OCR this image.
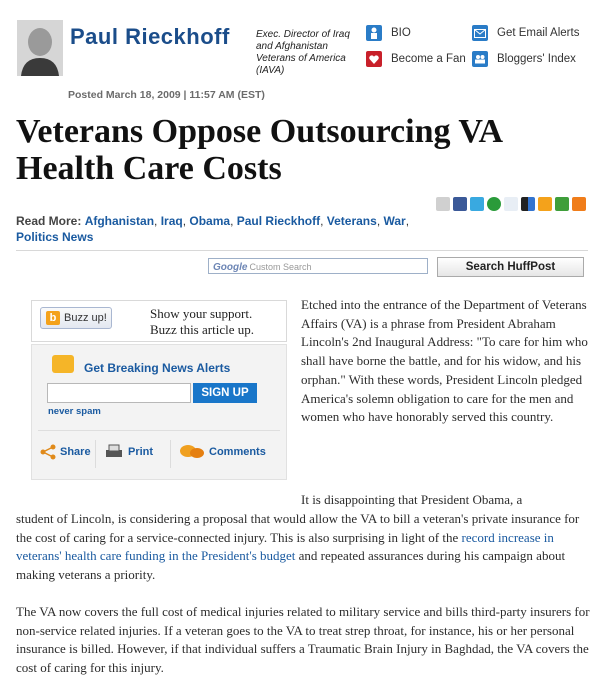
Paul Rieckhoff	Exec. Director of Iraq and Afghanistan Veterans of America (IAVA)
BIO	Get Email Alerts
Become a Fan	Bloggers' Index
Posted March 18, 2009 | 11:57 AM (EST)
Veterans Oppose Outsourcing VA Health Care Costs
Read More: Afghanistan, Iraq, Obama, Paul Rieckhoff, Veterans, War,
Politics News
Google Custom Search	Search HuffPost
b Buzz up!	Show your support.
Buzz this article up.
Get Breaking News Alerts
SIGN UP
never spam
Share	Print	Comments

Etched into the entrance of the Department of Veterans Affairs (VA) is a phrase from President Abraham Lincoln's 2nd Inaugural Address: "To care for him who shall have borne the battle, and for his widow, and his orphan." With these words, President Lincoln pledged America's solemn obligation to care for the men and women who have honorably served this country.

It is disappointing that President Obama, a

student of Lincoln, is considering a proposal that would allow the VA to bill a veteran's private insurance for the cost of caring for a service-connected injury. This is also surprising in light of the record increase in veterans' health care funding in the President's budget and repeated assurances during his campaign about making veterans a priority.

The VA now covers the full cost of medical injuries related to military service and bills third-party insurers for non-service related injuries. If a veteran goes to the VA to treat strep throat, for instance, his or her personal insurance is billed. However, if that individual suffers a Traumatic Brain Injury in Baghdad, the VA covers the cost of caring for this injury.
